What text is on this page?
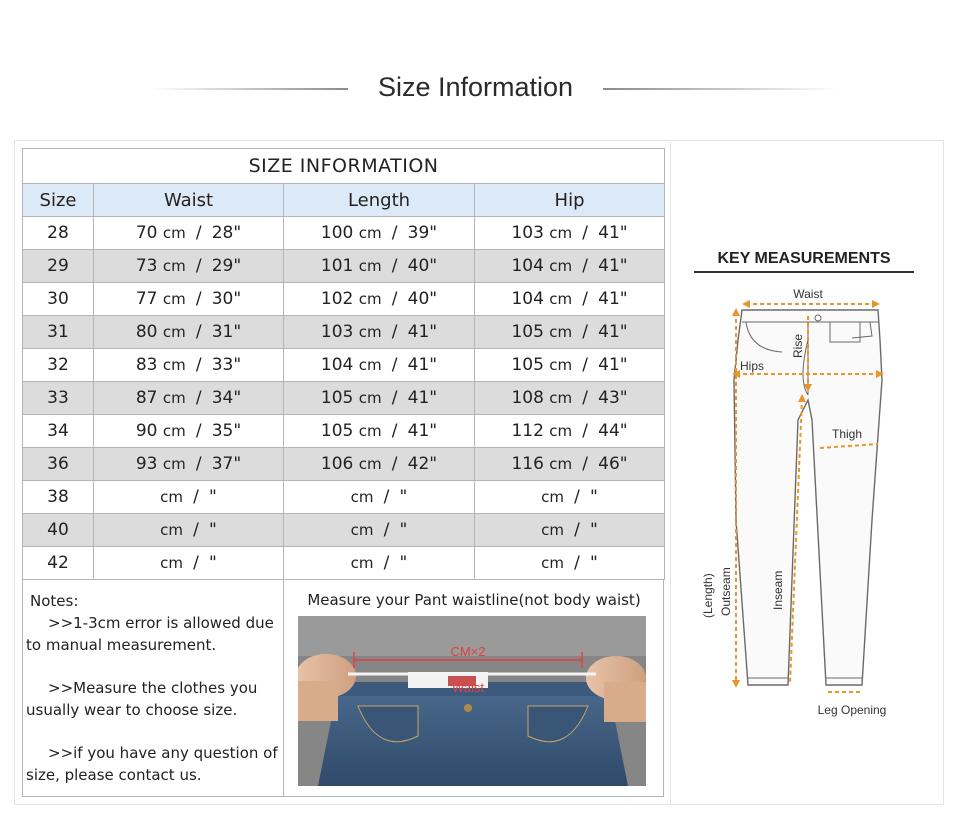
Size Information
SIZE INFORMATION			
Size	Waist	Length	Hip
28	70 cm / 28"	100 cm / 39"	103 cm / 41"
29	73 cm / 29"	101 cm / 40"	104 cm / 41"
30	77 cm / 30"	102 cm / 40"	104 cm / 41"
31	80 cm / 31"	103 cm / 41"	105 cm / 41"
32	83 cm / 33"	104 cm / 41"	105 cm / 41"
33	87 cm / 34"	105 cm / 41"	108 cm / 43"
34	90 cm / 35"	105 cm / 41"	112 cm / 44"
36	93 cm / 37"	106 cm / 42"	116 cm / 46"
38	cm / "	cm / "	cm / "
40	cm / "	cm / "	cm / "
42	cm / "	cm / "	cm / "

Notes:

>>1-3cm error is allowed due

to manual measurement.

>>Measure the clothes you

usually wear to choose size.

>>if you have any question of

size, please contact us.

Measure your Pant waistline(not body waist)
CM×2
Waist
KEY MEASUREMENTS
Waist
Rise
Hips
Thigh
(Length) Outseam	Inseam
Leg Opening
